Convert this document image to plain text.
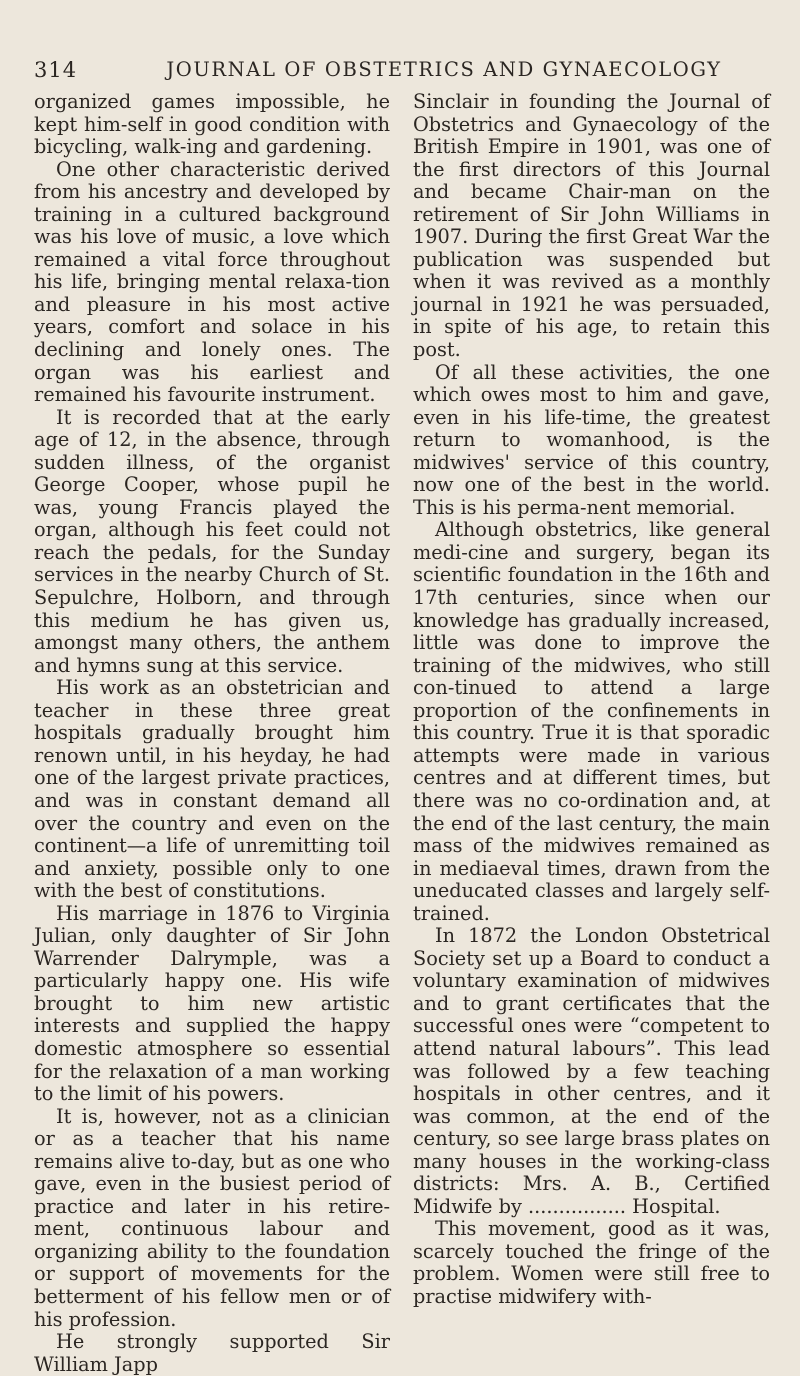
314	JOURNAL OF OBSTETRICS AND GYNAECOLOGY

organized games impossible, he kept him-self in good condition with bicycling, walk-ing and gardening.

One other characteristic derived from his ancestry and developed by training in a cultured background was his love of music, a love which remained a vital force throughout his life, bringing mental relaxa-tion and pleasure in his most active years, comfort and solace in his declining and lonely ones. The organ was his earliest and remained his favourite instrument.

It is recorded that at the early age of 12, in the absence, through sudden illness, of the organist George Cooper, whose pupil he was, young Francis played the organ, although his feet could not reach the pedals, for the Sunday services in the nearby Church of St. Sepulchre, Holborn, and through this medium he has given us, amongst many others, the anthem and hymns sung at this service.

His work as an obstetrician and teacher in these three great hospitals gradually brought him renown until, in his heyday, he had one of the largest private practices, and was in constant demand all over the country and even on the continent—a life of unremitting toil and anxiety, possible only to one with the best of constitutions.

His marriage in 1876 to Virginia Julian, only daughter of Sir John Warrender Dalrymple, was a particularly happy one. His wife brought to him new artistic interests and supplied the happy domestic atmosphere so essential for the relaxation of a man working to the limit of his powers.

It is, however, not as a clinician or as a teacher that his name remains alive to-day, but as one who gave, even in the busiest period of practice and later in his retire-ment, continuous labour and organizing ability to the foundation or support of movements for the betterment of his fellow men or of his profession.

He strongly supported Sir William Japp

Sinclair in founding the Journal of Obstetrics and Gynaecology of the British Empire in 1901, was one of the first directors of this Journal and became Chair-man on the retirement of Sir John Williams in 1907. During the first Great War the publication was suspended but when it was revived as a monthly journal in 1921 he was persuaded, in spite of his age, to retain this post.

Of all these activities, the one which owes most to him and gave, even in his life-time, the greatest return to womanhood, is the midwives' service of this country, now one of the best in the world. This is his perma-nent memorial.

Although obstetrics, like general medi-cine and surgery, began its scientific foundation in the 16th and 17th centuries, since when our knowledge has gradually increased, little was done to improve the training of the midwives, who still con-tinued to attend a large proportion of the confinements in this country. True it is that sporadic attempts were made in various centres and at different times, but there was no co-ordination and, at the end of the last century, the main mass of the midwives remained as in mediaeval times, drawn from the uneducated classes and largely self-trained.

In 1872 the London Obstetrical Society set up a Board to conduct a voluntary examination of midwives and to grant certificates that the successful ones were “competent to attend natural labours”. This lead was followed by a few teaching hospitals in other centres, and it was common, at the end of the century, so see large brass plates on many houses in the working-class districts: Mrs. A. B., Certified Midwife by ................ Hospital.

This movement, good as it was, scarcely touched the fringe of the problem. Women were still free to practise midwifery with-
